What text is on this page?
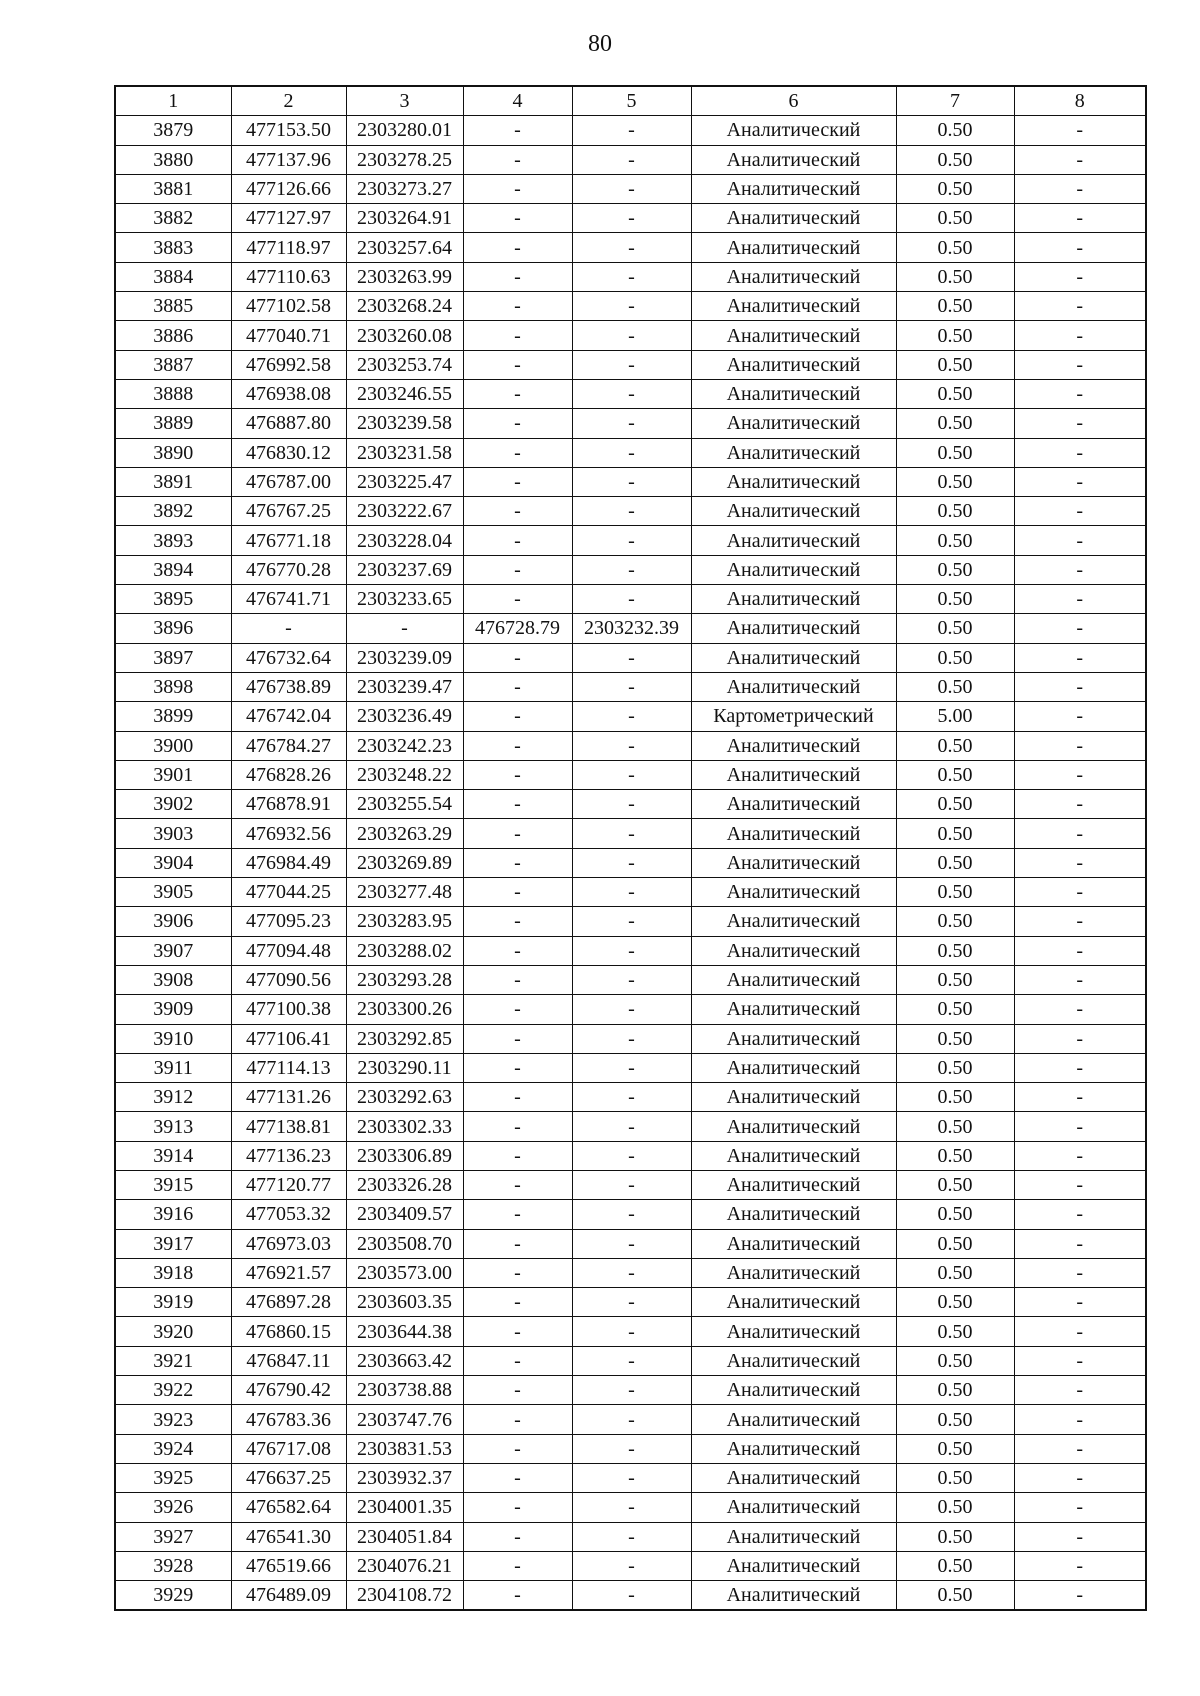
80
1	2	3	4	5	6	7	8
3879	477153.50	2303280.01	-	-	Аналитический	0.50	-
3880	477137.96	2303278.25	-	-	Аналитический	0.50	-
3881	477126.66	2303273.27	-	-	Аналитический	0.50	-
3882	477127.97	2303264.91	-	-	Аналитический	0.50	-
3883	477118.97	2303257.64	-	-	Аналитический	0.50	-
3884	477110.63	2303263.99	-	-	Аналитический	0.50	-
3885	477102.58	2303268.24	-	-	Аналитический	0.50	-
3886	477040.71	2303260.08	-	-	Аналитический	0.50	-
3887	476992.58	2303253.74	-	-	Аналитический	0.50	-
3888	476938.08	2303246.55	-	-	Аналитический	0.50	-
3889	476887.80	2303239.58	-	-	Аналитический	0.50	-
3890	476830.12	2303231.58	-	-	Аналитический	0.50	-
3891	476787.00	2303225.47	-	-	Аналитический	0.50	-
3892	476767.25	2303222.67	-	-	Аналитический	0.50	-
3893	476771.18	2303228.04	-	-	Аналитический	0.50	-
3894	476770.28	2303237.69	-	-	Аналитический	0.50	-
3895	476741.71	2303233.65	-	-	Аналитический	0.50	-
3896	-	-	476728.79	2303232.39	Аналитический	0.50	-
3897	476732.64	2303239.09	-	-	Аналитический	0.50	-
3898	476738.89	2303239.47	-	-	Аналитический	0.50	-
3899	476742.04	2303236.49	-	-	Картометрический	5.00	-
3900	476784.27	2303242.23	-	-	Аналитический	0.50	-
3901	476828.26	2303248.22	-	-	Аналитический	0.50	-
3902	476878.91	2303255.54	-	-	Аналитический	0.50	-
3903	476932.56	2303263.29	-	-	Аналитический	0.50	-
3904	476984.49	2303269.89	-	-	Аналитический	0.50	-
3905	477044.25	2303277.48	-	-	Аналитический	0.50	-
3906	477095.23	2303283.95	-	-	Аналитический	0.50	-
3907	477094.48	2303288.02	-	-	Аналитический	0.50	-
3908	477090.56	2303293.28	-	-	Аналитический	0.50	-
3909	477100.38	2303300.26	-	-	Аналитический	0.50	-
3910	477106.41	2303292.85	-	-	Аналитический	0.50	-
3911	477114.13	2303290.11	-	-	Аналитический	0.50	-
3912	477131.26	2303292.63	-	-	Аналитический	0.50	-
3913	477138.81	2303302.33	-	-	Аналитический	0.50	-
3914	477136.23	2303306.89	-	-	Аналитический	0.50	-
3915	477120.77	2303326.28	-	-	Аналитический	0.50	-
3916	477053.32	2303409.57	-	-	Аналитический	0.50	-
3917	476973.03	2303508.70	-	-	Аналитический	0.50	-
3918	476921.57	2303573.00	-	-	Аналитический	0.50	-
3919	476897.28	2303603.35	-	-	Аналитический	0.50	-
3920	476860.15	2303644.38	-	-	Аналитический	0.50	-
3921	476847.11	2303663.42	-	-	Аналитический	0.50	-
3922	476790.42	2303738.88	-	-	Аналитический	0.50	-
3923	476783.36	2303747.76	-	-	Аналитический	0.50	-
3924	476717.08	2303831.53	-	-	Аналитический	0.50	-
3925	476637.25	2303932.37	-	-	Аналитический	0.50	-
3926	476582.64	2304001.35	-	-	Аналитический	0.50	-
3927	476541.30	2304051.84	-	-	Аналитический	0.50	-
3928	476519.66	2304076.21	-	-	Аналитический	0.50	-
3929	476489.09	2304108.72	-	-	Аналитический	0.50	-
